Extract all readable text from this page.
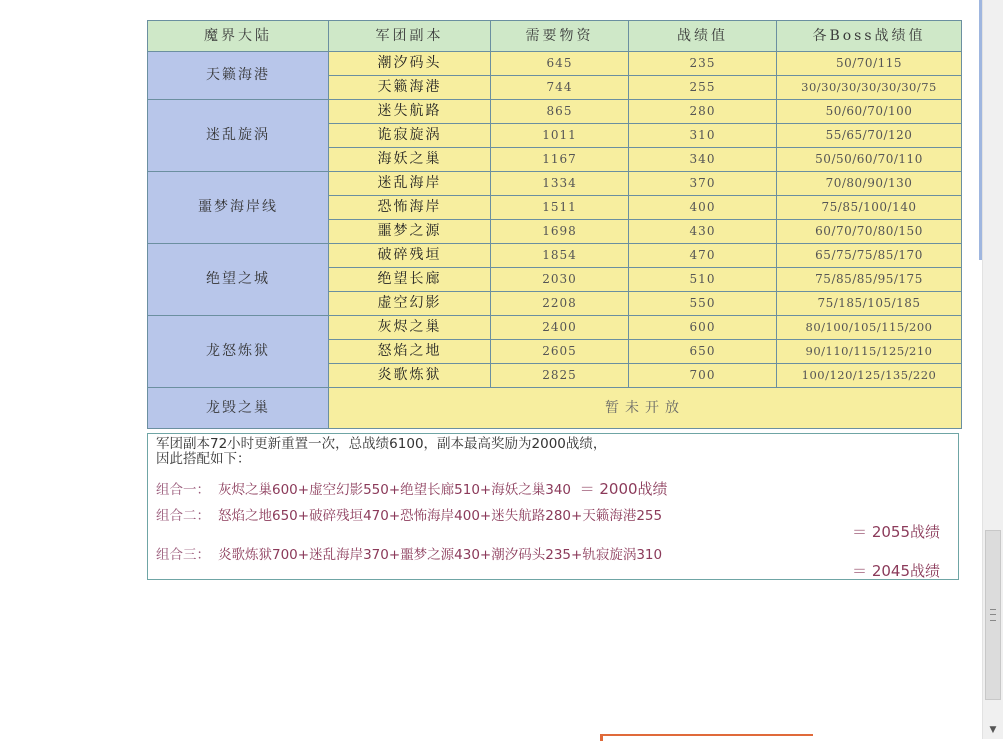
魔界大陆	军团副本	需要物资	战绩值	各Boss战绩值
天籁海港	潮汐码头	645	235	50/70/115
	天籁海港	744	255	30/30/30/30/30/30/75
迷乱旋涡	迷失航路	865	280	50/60/70/100
	诡寂旋涡	1011	310	55/65/70/120
	海妖之巢	1167	340	50/50/60/70/110
噩梦海岸线	迷乱海岸	1334	370	70/80/90/130
	恐怖海岸	1511	400	75/85/100/140
	噩梦之源	1698	430	60/70/70/80/150
绝望之城	破碎残垣	1854	470	65/75/75/85/170
	绝望长廊	2030	510	75/85/85/95/175
	虚空幻影	2208	550	75/185/105/185
龙怒炼狱	灰烬之巢	2400	600	80/100/105/115/200
	怒焰之地	2605	650	90/110/115/125/210
	炎歌炼狱	2825	700	100/120/125/135/220
龙毁之巢	暂未开放			

军团副本72小时更新重置一次，总战绩6100，副本最高奖励为2000战绩，

因此搭配如下：

组合一： 灰烬之巢600+虚空幻影550+绝望长廊510+海妖之巢340 ＝ 2000战绩
组合二： 怒焰之地650+破碎残垣470+恐怖海岸400+迷失航路280+天籁海港255
＝ 2055战绩
组合三： 炎歌炼狱700+迷乱海岸370+噩梦之源430+潮汐码头235+轨寂旋涡310
＝ 2045战绩
▼
